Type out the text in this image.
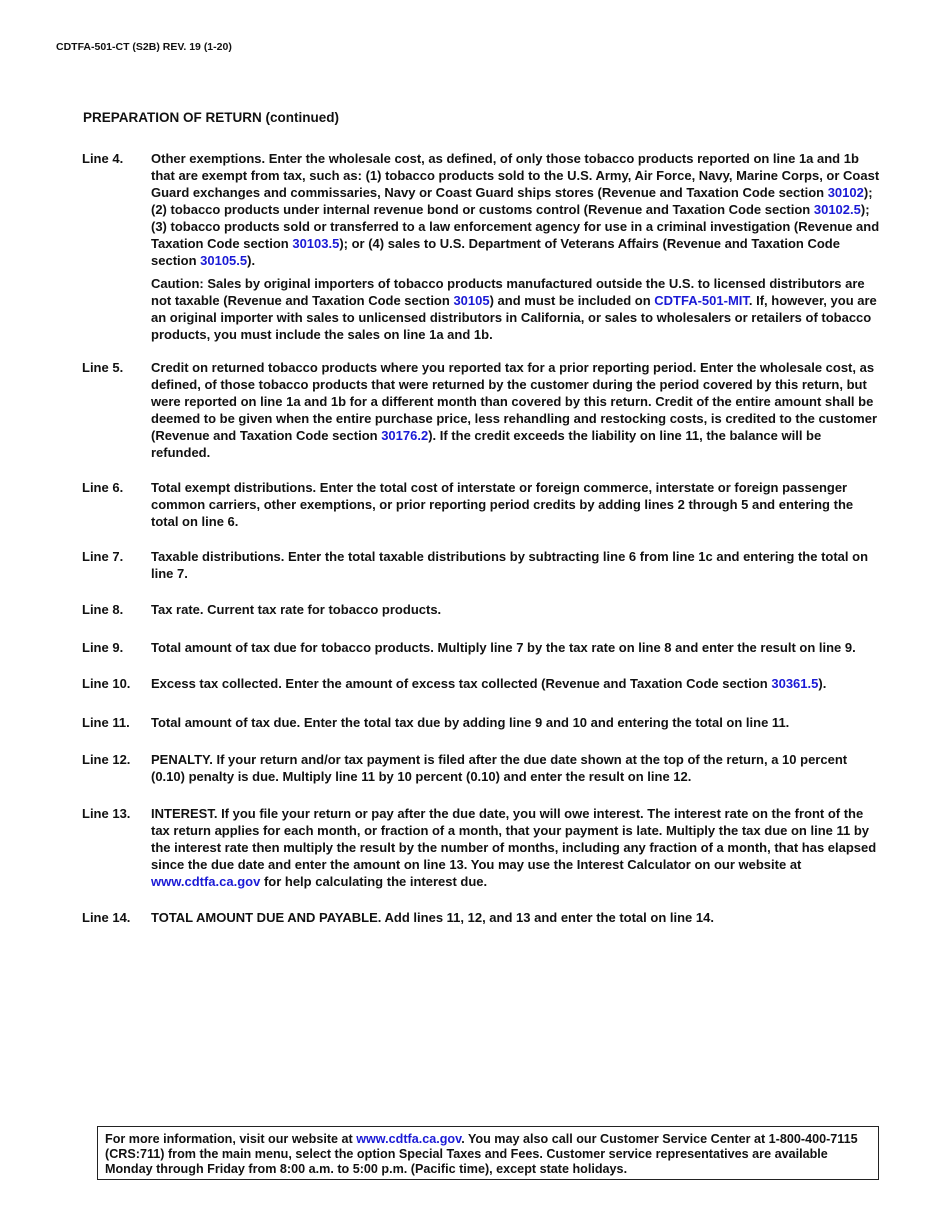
CDTFA-501-CT (S2B) REV. 19 (1-20)
PREPARATION OF RETURN (continued)
Line 4.	Other exemptions. Enter the wholesale cost, as defined, of only those tobacco products reported on line 1a and 1b that are exempt from tax, such as: (1) tobacco products sold to the U.S. Army, Air Force, Navy, Marine Corps, or Coast Guard exchanges and commissaries, Navy or Coast Guard ships stores (Revenue and Taxation Code section 30102); (2) tobacco products under internal revenue bond or customs control (Revenue and Taxation Code section 30102.5); (3) tobacco products sold or transferred to a law enforcement agency for use in a criminal investigation (Revenue and Taxation Code section 30103.5); or (4) sales to U.S. Department of Veterans Affairs (Revenue and Taxation Code section 30105.5).

Caution: Sales by original importers of tobacco products manufactured outside the U.S. to licensed distributors are not taxable (Revenue and Taxation Code section 30105) and must be included on CDTFA-501-MIT. If, however, you are an original importer with sales to unlicensed distributors in California, or sales to wholesalers or retailers of tobacco products, you must include the sales on line 1a and 1b.

Line 5.	Credit on returned tobacco products where you reported tax for a prior reporting period. Enter the wholesale cost, as defined, of those tobacco products that were returned by the customer during the period covered by this return, but were reported on line 1a and 1b for a different month than covered by this return. Credit of the entire amount shall be deemed to be given when the entire purchase price, less rehandling and restocking costs, is credited to the customer (Revenue and Taxation Code section 30176.2). If the credit exceeds the liability on line 11, the balance will be refunded.
Line 6.	Total exempt distributions. Enter the total cost of interstate or foreign commerce, interstate or foreign passenger common carriers, other exemptions, or prior reporting period credits by adding lines 2 through 5 and entering the total on line 6.
Line 7.	Taxable distributions. Enter the total taxable distributions by subtracting line 6 from line 1c and entering the total on line 7.
Line 8.	Tax rate. Current tax rate for tobacco products.
Line 9.	Total amount of tax due for tobacco products. Multiply line 7 by the tax rate on line 8 and enter the result on line 9.
Line 10.	Excess tax collected. Enter the amount of excess tax collected (Revenue and Taxation Code section 30361.5).
Line 11.	Total amount of tax due. Enter the total tax due by adding line 9 and 10 and entering the total on line 11.
Line 12.	PENALTY. If your return and/or tax payment is filed after the due date shown at the top of the return, a 10 percent (0.10) penalty is due. Multiply line 11 by 10 percent (0.10) and enter the result on line 12.
Line 13.	INTEREST. If you file your return or pay after the due date, you will owe interest. The interest rate on the front of the tax return applies for each month, or fraction of a month, that your payment is late. Multiply the tax due on line 11 by the interest rate then multiply the result by the number of months, including any fraction of a month, that has elapsed since the due date and enter the amount on line 13. You may use the Interest Calculator on our website at www.cdtfa.ca.gov for help calculating the interest due.
Line 14.	TOTAL AMOUNT DUE AND PAYABLE. Add lines 11, 12, and 13 and enter the total on line 14.
For more information, visit our website at www.cdtfa.ca.gov. You may also call our Customer Service Center at 1-800-400-7115 (CRS:711) from the main menu, select the option Special Taxes and Fees. Customer service representatives are available Monday through Friday from 8:00 a.m. to 5:00 p.m. (Pacific time), except state holidays.
